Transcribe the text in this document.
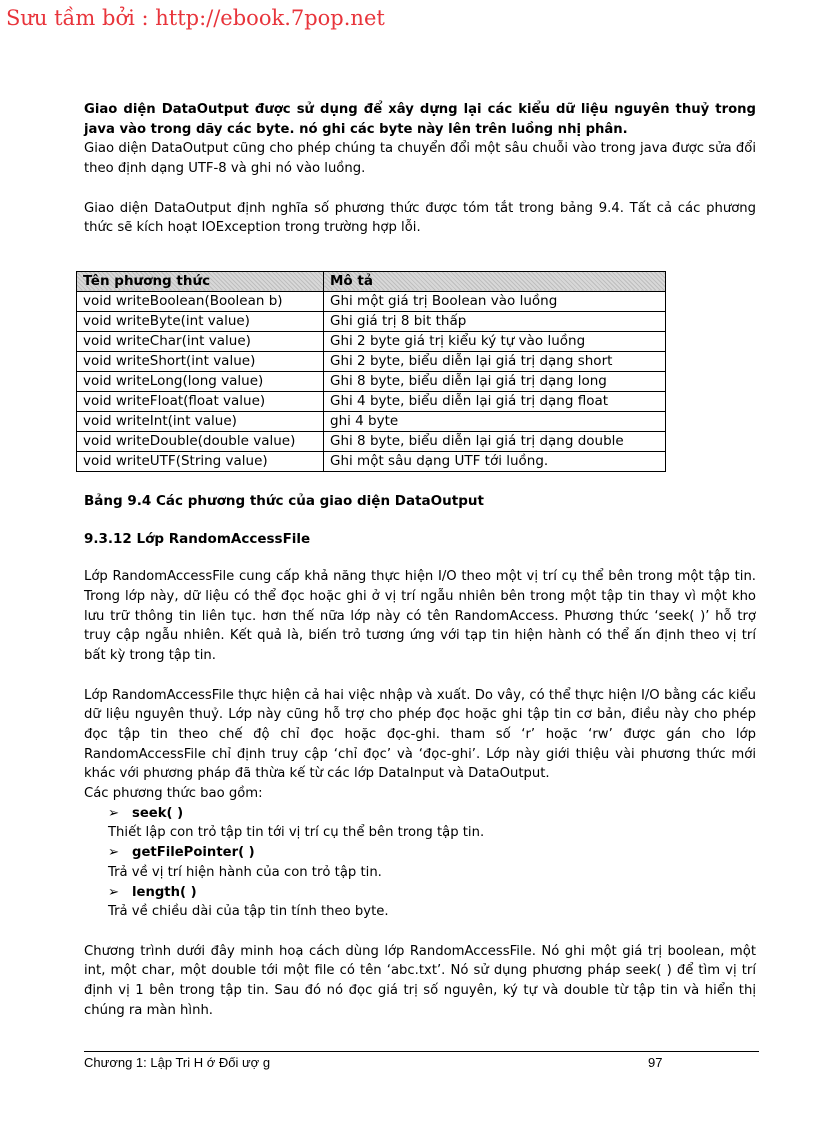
Sưu tầm bởi : http://ebook.7pop.net

Giao diện DataOutput được sử dụng để xây dựng lại các kiểu dữ liệu nguyên thuỷ trong java vào trong dãy các byte. nó ghi các byte này lên trên luồng nhị phân.

Giao diện DataOutput cũng cho phép chúng ta chuyển đổi một sâu chuỗi vào trong java được sửa đổi theo định dạng UTF-8 và ghi nó vào luồng.

Giao diện DataOutput định nghĩa số phương thức được tóm tắt trong bảng 9.4. Tất cả các phương thức sẽ kích hoạt IOException trong trường hợp lỗi.

Tên phương thức	Mô tả
void writeBoolean(Boolean b)	Ghi một giá trị Boolean vào luồng
void writeByte(int value)	Ghi giá trị 8 bit thấp
void writeChar(int value)	Ghi 2 byte giá trị kiểu ký tự vào luồng
void writeShort(int value)	Ghi 2 byte, biểu diễn lại giá trị dạng short
void writeLong(long value)	Ghi 8 byte, biểu diễn lại giá trị dạng long
void writeFloat(float value)	Ghi 4 byte, biểu diễn lại giá trị dạng float
void writeInt(int value)	ghi 4 byte
void writeDouble(double value)	Ghi 8 byte, biểu diễn lại giá trị dạng double
void writeUTF(String value)	Ghi một sâu dạng UTF tới luồng.

Bảng 9.4 Các phương thức của giao diện DataOutput

9.3.12 Lớp RandomAccessFile

Lớp RandomAccessFile cung cấp khả năng thực hiện I/O theo một vị trí cụ thể bên trong một tập tin. Trong lớp này, dữ liệu có thể đọc hoặc ghi ở vị trí ngẫu nhiên bên trong một tập tin thay vì một kho lưu trữ thông tin liên tục. hơn thế nữa lớp này có tên RandomAccess. Phương thức ‘seek( )’ hỗ trợ truy cập ngẫu nhiên. Kết quả là, biến trỏ tương ứng với tạp tin hiện hành có thể ấn định theo vị trí bất kỳ trong tập tin.

Lớp RandomAccessFile thực hiện cả hai việc nhập và xuất. Do vây, có thể thực hiện I/O bằng các kiểu dữ liệu nguyên thuỷ. Lớp này cũng hỗ trợ cho phép đọc hoặc ghi tập tin cơ bản, điều này cho phép đọc tập tin theo chế độ chỉ đọc hoặc đọc-ghi. tham số ‘r’ hoặc ‘rw’ được gán cho lớp RandomAccessFile chỉ định truy cập ‘chỉ đọc’ và ‘đọc-ghi’. Lớp này giới thiệu vài phương thức mới khác với phương pháp đã thừa kế từ các lớp DataInput và DataOutput.

Các phương thức bao gồm:

➢ seek( )

Thiết lập con trỏ tập tin tới vị trí cụ thể bên trong tập tin.

➢ getFilePointer( )

Trả về vị trí hiện hành của con trỏ tập tin.

➢ length( )

Trả về chiều dài của tập tin tính theo byte.

Chương trình dưới đây minh hoạ cách dùng lớp RandomAccessFile. Nó ghi một giá trị boolean, một int, một char, một double tới một file có tên ‘abc.txt’. Nó sử dụng phương pháp seek( ) để tìm vị trí định vị 1 bên trong tập tin. Sau đó nó đọc giá trị số nguyên, ký tự và double từ tập tin và hiển thị chúng ra màn hình.

Chương 1: Lập Tri H ớ Đối ượ g	97
